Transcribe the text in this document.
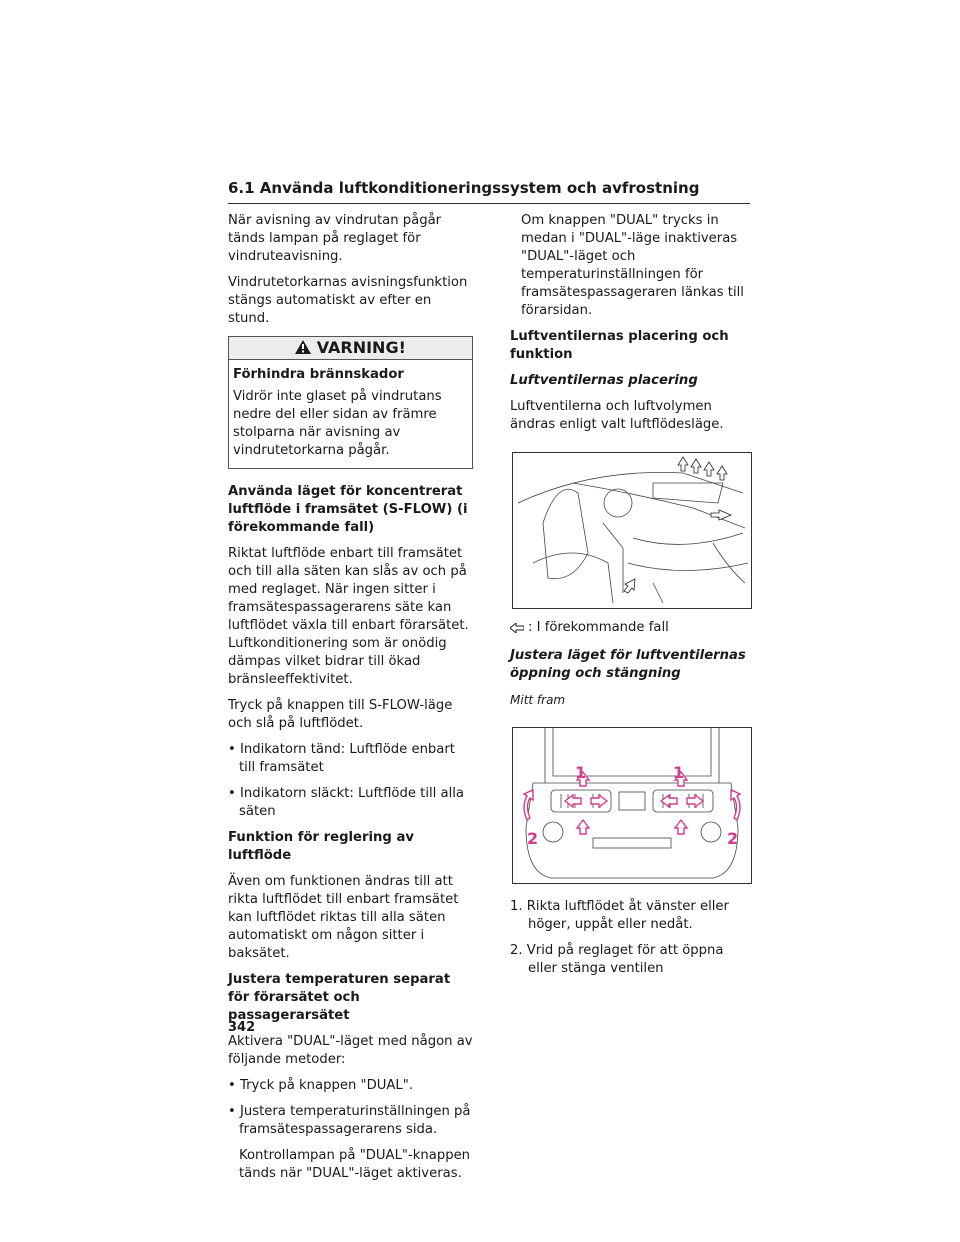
6.1 Använda luftkonditioneringssystem och avfrostning

När avisning av vindrutan pågår tänds lampan på reglaget för vindruteavisning.

Vindrutetorkarnas avisningsfunktion stängs automatiskt av efter en stund.

VARNING!

Förhindra brännskador

Vidrör inte glaset på vindrutans nedre del eller sidan av främre stolparna när avisning av vindrutetorkarna pågår.

Använda läget för koncentrerat luftflöde i framsätet (S-FLOW) (i förekommande fall)

Riktat luftflöde enbart till framsätet och till alla säten kan slås av och på med reglaget. När ingen sitter i framsätespassagerarens säte kan luftflödet växla till enbart förarsätet. Luftkonditionering som är onödig dämpas vilket bidrar till ökad bränsleeffektivitet.

Tryck på knappen till S-FLOW-läge och slå på luftflödet.

• Indikatorn tänd: Luftflöde enbart till framsätet

• Indikatorn släckt: Luftflöde till alla säten

Funktion för reglering av luftflöde

Även om funktionen ändras till att rikta luftflödet till enbart framsätet kan luftflödet riktas till alla säten automatiskt om någon sitter i baksätet.

Justera temperaturen separat för förarsätet och passagerarsätet

Aktivera "DUAL"-läget med någon av följande metoder:

• Tryck på knappen "DUAL".

• Justera temperaturinställningen på framsätespassagerarens sida.

Kontrollampan på "DUAL"-knappen tänds när "DUAL"-läget aktiveras.

Om knappen "DUAL" trycks in medan i "DUAL"-läge inaktiveras "DUAL"-läget och temperaturinställningen för framsätespassageraren länkas till förarsidan.

Luftventilernas placering och funktion

Luftventilernas placering

Luftventilerna och luftvolymen ändras enligt valt luftflödesläge.

: I förekommande fall

Justera läget för luftventilernas öppning och stängning

Mitt fram

1	1
2	2

1. Rikta luftflödet åt vänster eller höger, uppåt eller nedåt.

2. Vrid på reglaget för att öppna eller stänga ventilen

342
